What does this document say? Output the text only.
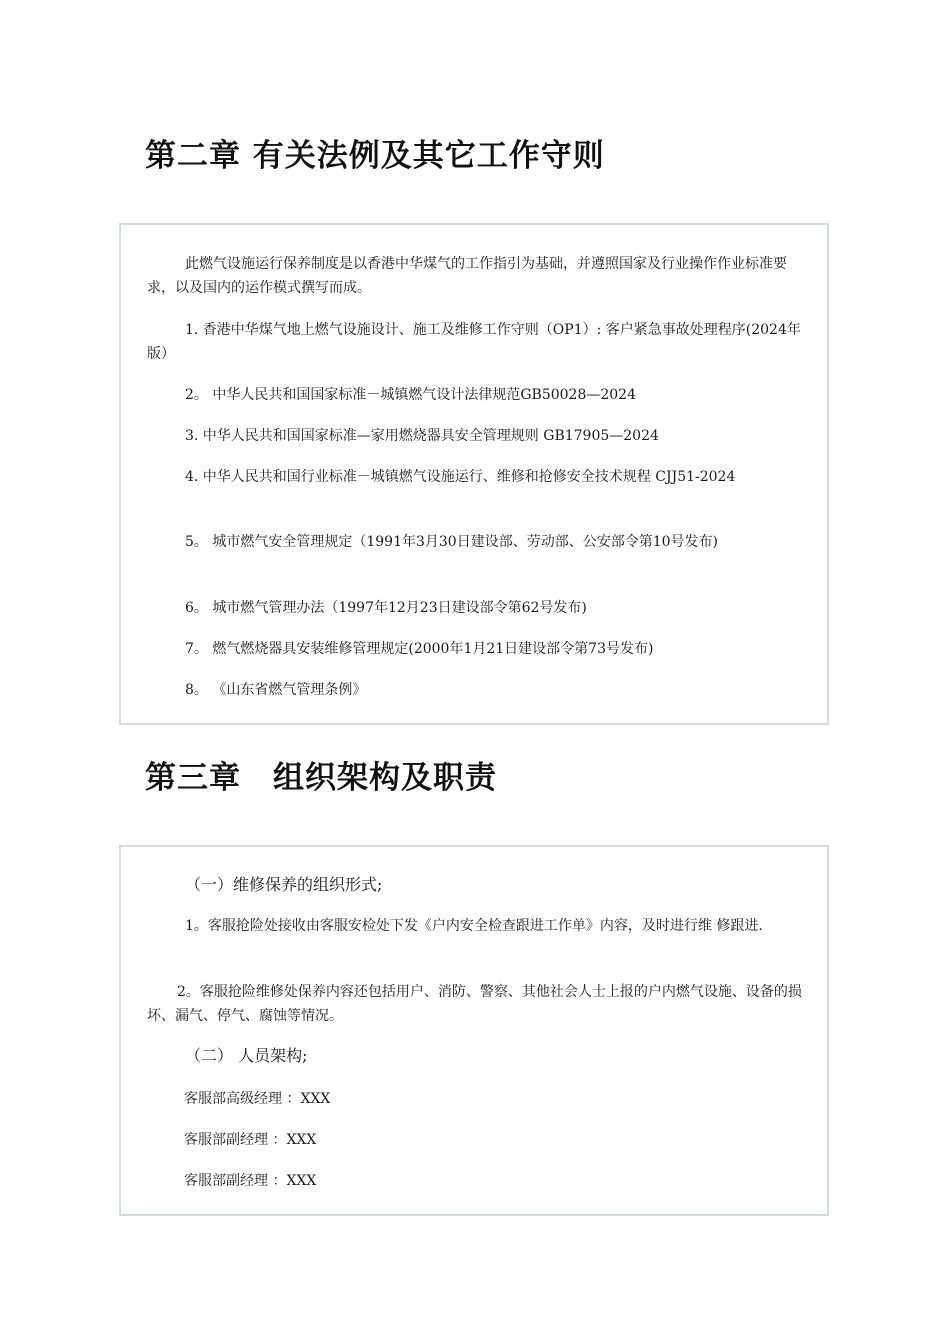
第二章 有关法例及其它工作守则

此燃气设施运行保养制度是以香港中华煤气的工作指引为基础，并遵照国家及行业操作作业标准要求，以及国内的运作模式撰写而成。

1. 香港中华煤气地上燃气设施设计、施工及维修工作守则（OP1）: 客户紧急事故处理程序(2024年版）

2。 中华人民共和国国家标准－城镇燃气设计法律规范GB50028—2024

3. 中华人民共和国国家标准—家用燃烧器具安全管理规则 GB17905—2024

4. 中华人民共和国行业标准－城镇燃气设施运行、维修和抢修安全技术规程 CJJ51-2024

5。 城市燃气安全管理规定（1991年3月30日建设部、劳动部、公安部令第10号发布)

6。 城市燃气管理办法（1997年12月23日建设部令第62号发布)

7。 燃气燃烧器具安装维修管理规定(2000年1月21日建设部令第73号发布)

8。 《山东省燃气管理条例》

第三章　组织架构及职责

（一）维修保养的组织形式;

1。客服抢险处接收由客服安检处下发《户内安全检查跟进工作单》内容，及时进行维 修跟进.

2。客服抢险维修处保养内容还包括用户、消防、警察、其他社会人士上报的户内燃气设施、设备的损坏、漏气、停气、腐蚀等情况。

（二） 人员架构;

客服部高级经理 ：XXX

客服部副经理 ：XXX

客服部副经理 ：XXX
